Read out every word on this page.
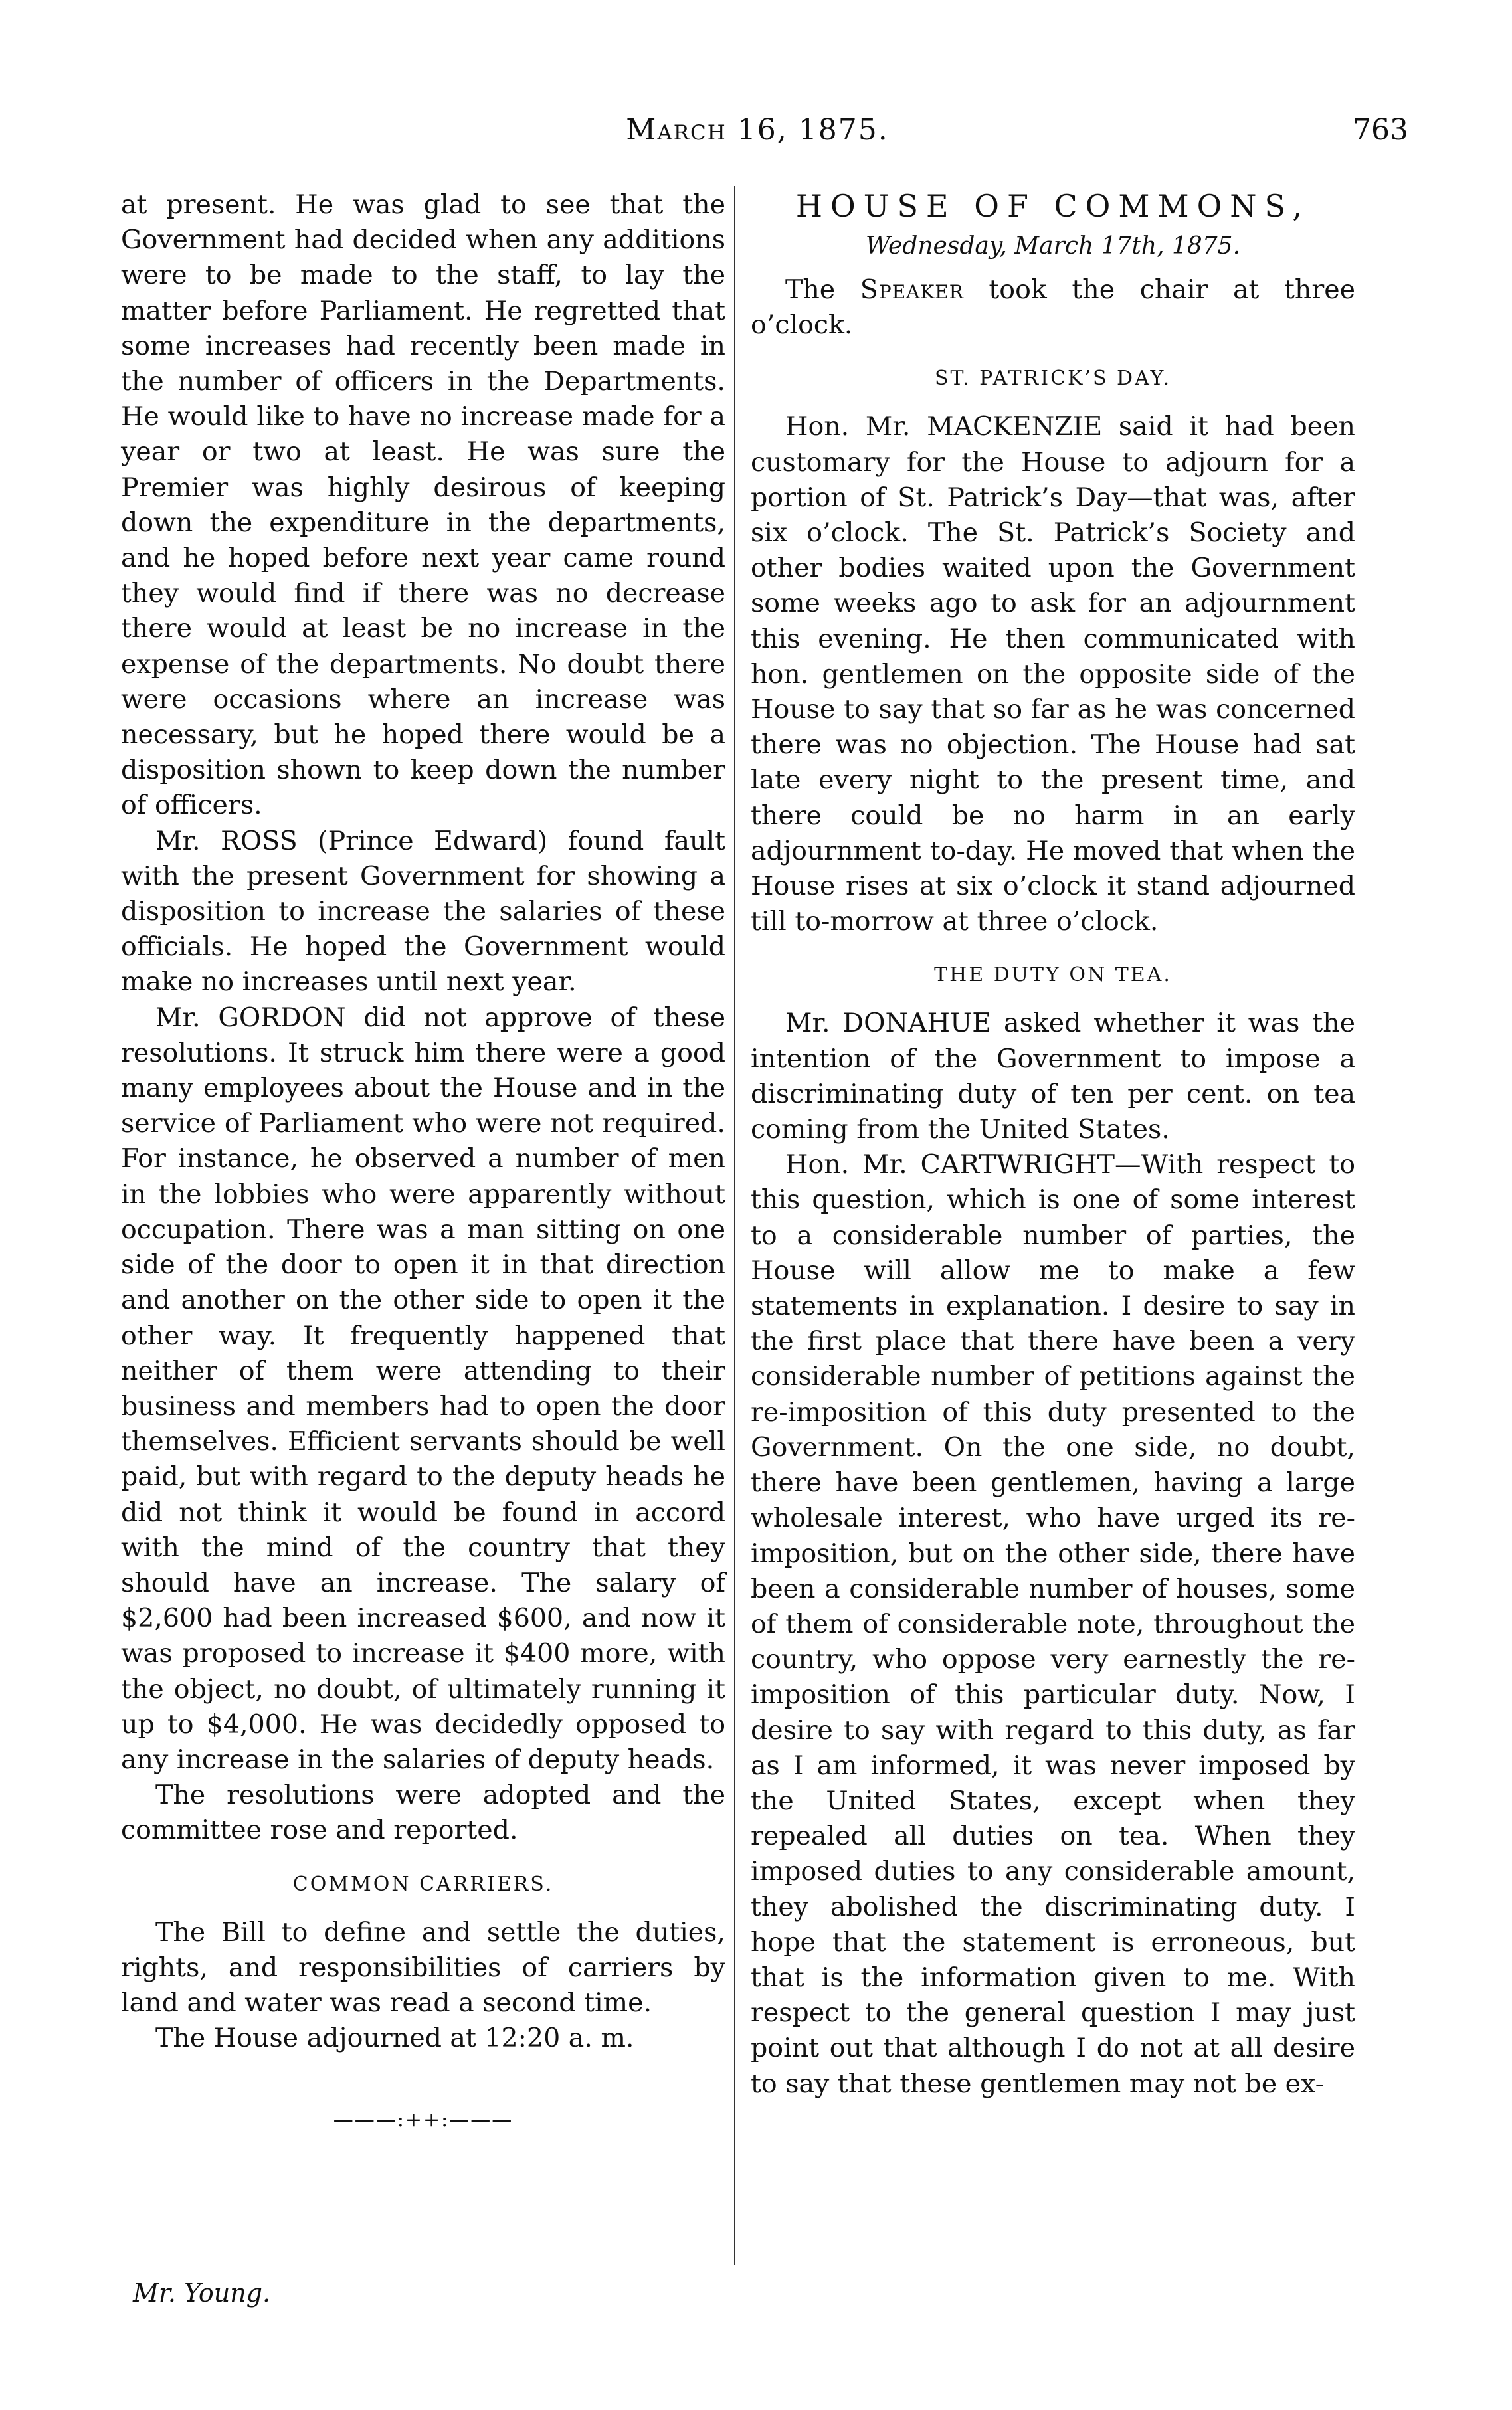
March 16, 1875.	763

at present. He was glad to see that the Government had decided when any additions were to be made to the staff, to lay the matter before Parliament. He regretted that some increases had recently been made in the number of officers in the Departments. He would like to have no increase made for a year or two at least. He was sure the Premier was highly desirous of keeping down the expenditure in the departments, and he hoped before next year came round they would find if there was no decrease there would at least be no increase in the expense of the departments. No doubt there were occasions where an increase was necessary, but he hoped there would be a disposition shown to keep down the number of officers.

Mr. ROSS (Prince Edward) found fault with the present Government for showing a disposition to increase the salaries of these officials. He hoped the Government would make no increases until next year.

Mr. GORDON did not approve of these resolutions. It struck him there were a good many employees about the House and in the service of Parliament who were not required. For instance, he observed a number of men in the lobbies who were apparently without occupation. There was a man sitting on one side of the door to open it in that direction and another on the other side to open it the other way. It frequently happened that neither of them were attending to their business and members had to open the door themselves. Efficient servants should be well paid, but with regard to the deputy heads he did not think it would be found in accord with the mind of the country that they should have an increase. The salary of $2,600 had been increased $600, and now it was proposed to increase it $400 more, with the object, no doubt, of ultimately running it up to $4,000. He was decidedly opposed to any increase in the salaries of deputy heads.

The resolutions were adopted and the committee rose and reported.

COMMON CARRIERS.

The Bill to define and settle the duties, rights, and responsibilities of carriers by land and water was read a second time.

The House adjourned at 12:20 a. m.

———:++:———
HOUSE OF COMMONS,
Wednesday, March 17th, 1875.

The Speaker took the chair at three o’clock.

ST. PATRICK’S DAY.

Hon. Mr. MACKENZIE said it had been customary for the House to adjourn for a portion of St. Patrick’s Day—that was, after six o’clock. The St. Patrick’s Society and other bodies waited upon the Government some weeks ago to ask for an adjournment this evening. He then communicated with hon. gentlemen on the opposite side of the House to say that so far as he was concerned there was no objection. The House had sat late every night to the present time, and there could be no harm in an early adjournment to-day. He moved that when the House rises at six o’clock it stand adjourned till to-morrow at three o’clock.

THE DUTY ON TEA.

Mr. DONAHUE asked whether it was the intention of the Government to impose a discriminating duty of ten per cent. on tea coming from the United States.

Hon. Mr. CARTWRIGHT—With respect to this question, which is one of some interest to a considerable number of parties, the House will allow me to make a few statements in explanation. I desire to say in the first place that there have been a very considerable number of petitions against the re-imposition of this duty presented to the Government. On the one side, no doubt, there have been gentlemen, having a large wholesale interest, who have urged its re-imposition, but on the other side, there have been a considerable number of houses, some of them of considerable note, throughout the country, who oppose very earnestly the re-imposition of this particular duty. Now, I desire to say with regard to this duty, as far as I am informed, it was never imposed by the United States, except when they repealed all duties on tea. When they imposed duties to any considerable amount, they abolished the discriminating duty. I hope that the statement is erroneous, but that is the information given to me. With respect to the general question I may just point out that although I do not at all desire to say that these gentlemen may not be ex-

Mr. Young.
